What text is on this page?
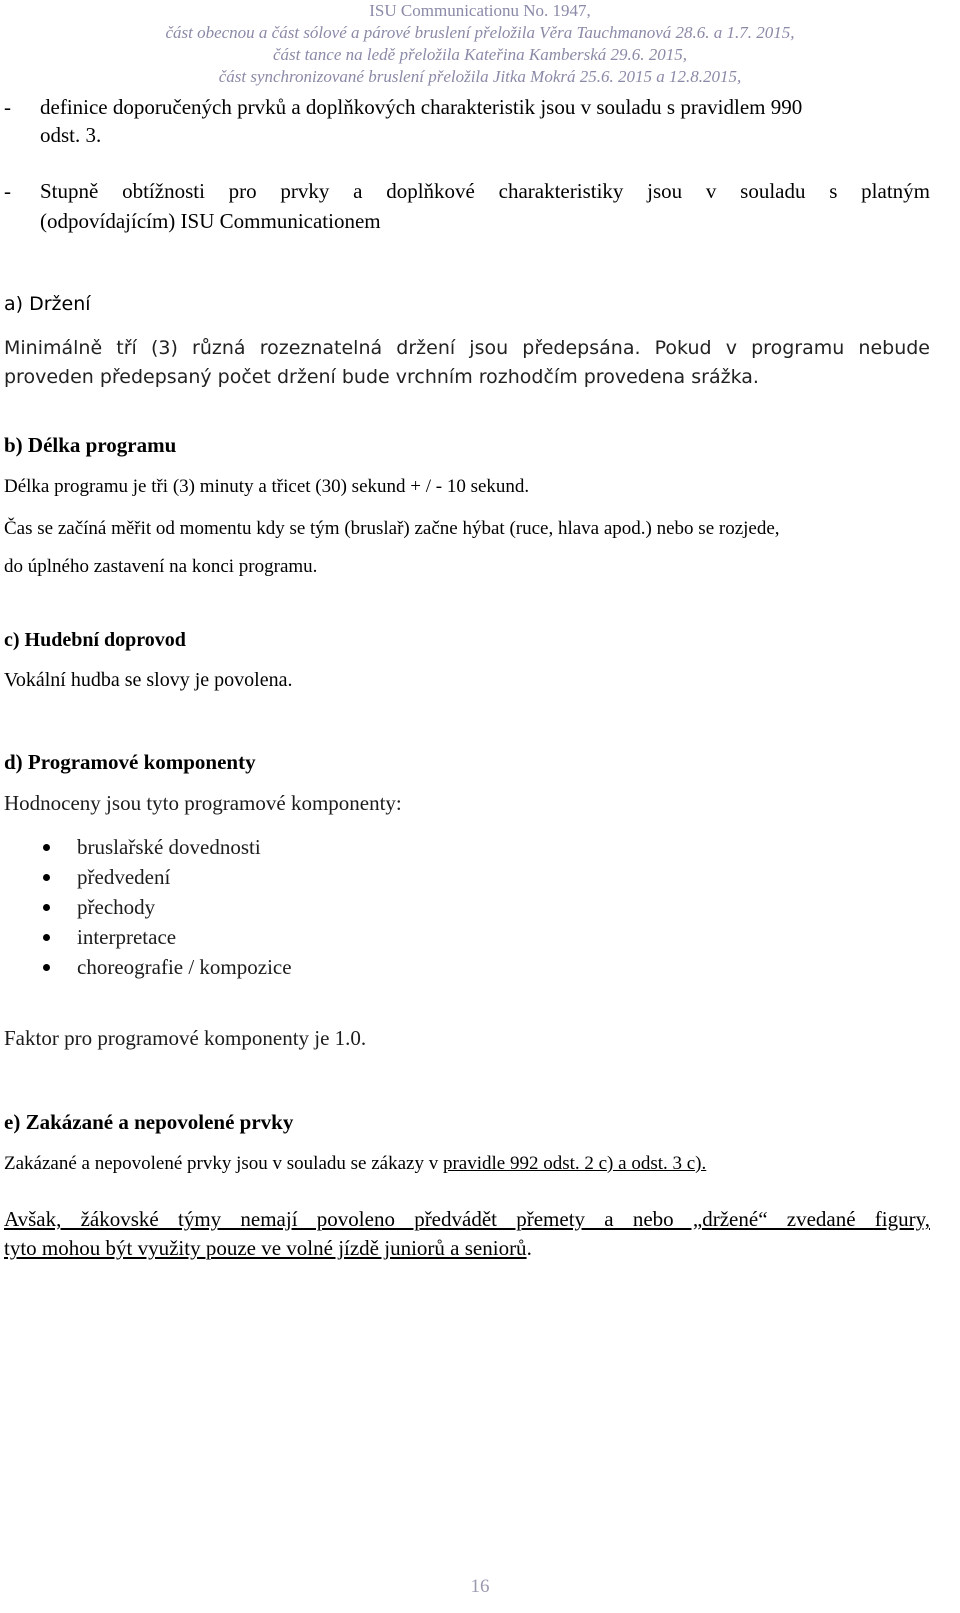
ISU Communicationu No. 1947,
část obecnou a část sólové a párové bruslení přeložila Věra Tauchmanová 28.6. a 1.7. 2015,
část tance na ledě přeložila Kateřina Kamberská 29.6. 2015,
část synchronizované bruslení přeložila Jitka Mokrá 25.6. 2015 a 12.8.2015,
- definice doporučených prvků a doplňkových charakteristik jsou v souladu s pravidlem 990
odst. 3.
- Stupně obtížnosti pro prvky a doplňkové charakteristiky jsou v souladu s platným
(odpovídajícím) ISU Communicationem
a) Držení
Minimálně tří (3) různá rozeznatelná držení jsou předepsána. Pokud v programu nebude
proveden předepsaný počet držení bude vrchním rozhodčím provedena srážka.
b) Délka programu
Délka programu je tři (3) minuty a třicet (30) sekund + / - 10 sekund.
Čas se začíná měřit od momentu kdy se tým (bruslař) začne hýbat (ruce, hlava apod.) nebo se rozjede,
do úplného zastavení na konci programu.
c) Hudební doprovod
Vokální hudba se slovy je povolena.
d) Programové komponenty
Hodnoceny jsou tyto programové komponenty:
bruslařské dovednosti
předvedení
přechody
interpretace
choreografie / kompozice
Faktor pro programové komponenty je 1.0.
e) Zakázané a nepovolené prvky
Zakázané a nepovolené prvky jsou v souladu se zákazy v pravidle 992 odst. 2 c) a odst. 3 c).
Avšak, žákovské týmy nemají povoleno předvádět přemety a nebo „držené“ zvedané figury,
tyto mohou být využity pouze ve volné jízdě juniorů a seniorů.
16
